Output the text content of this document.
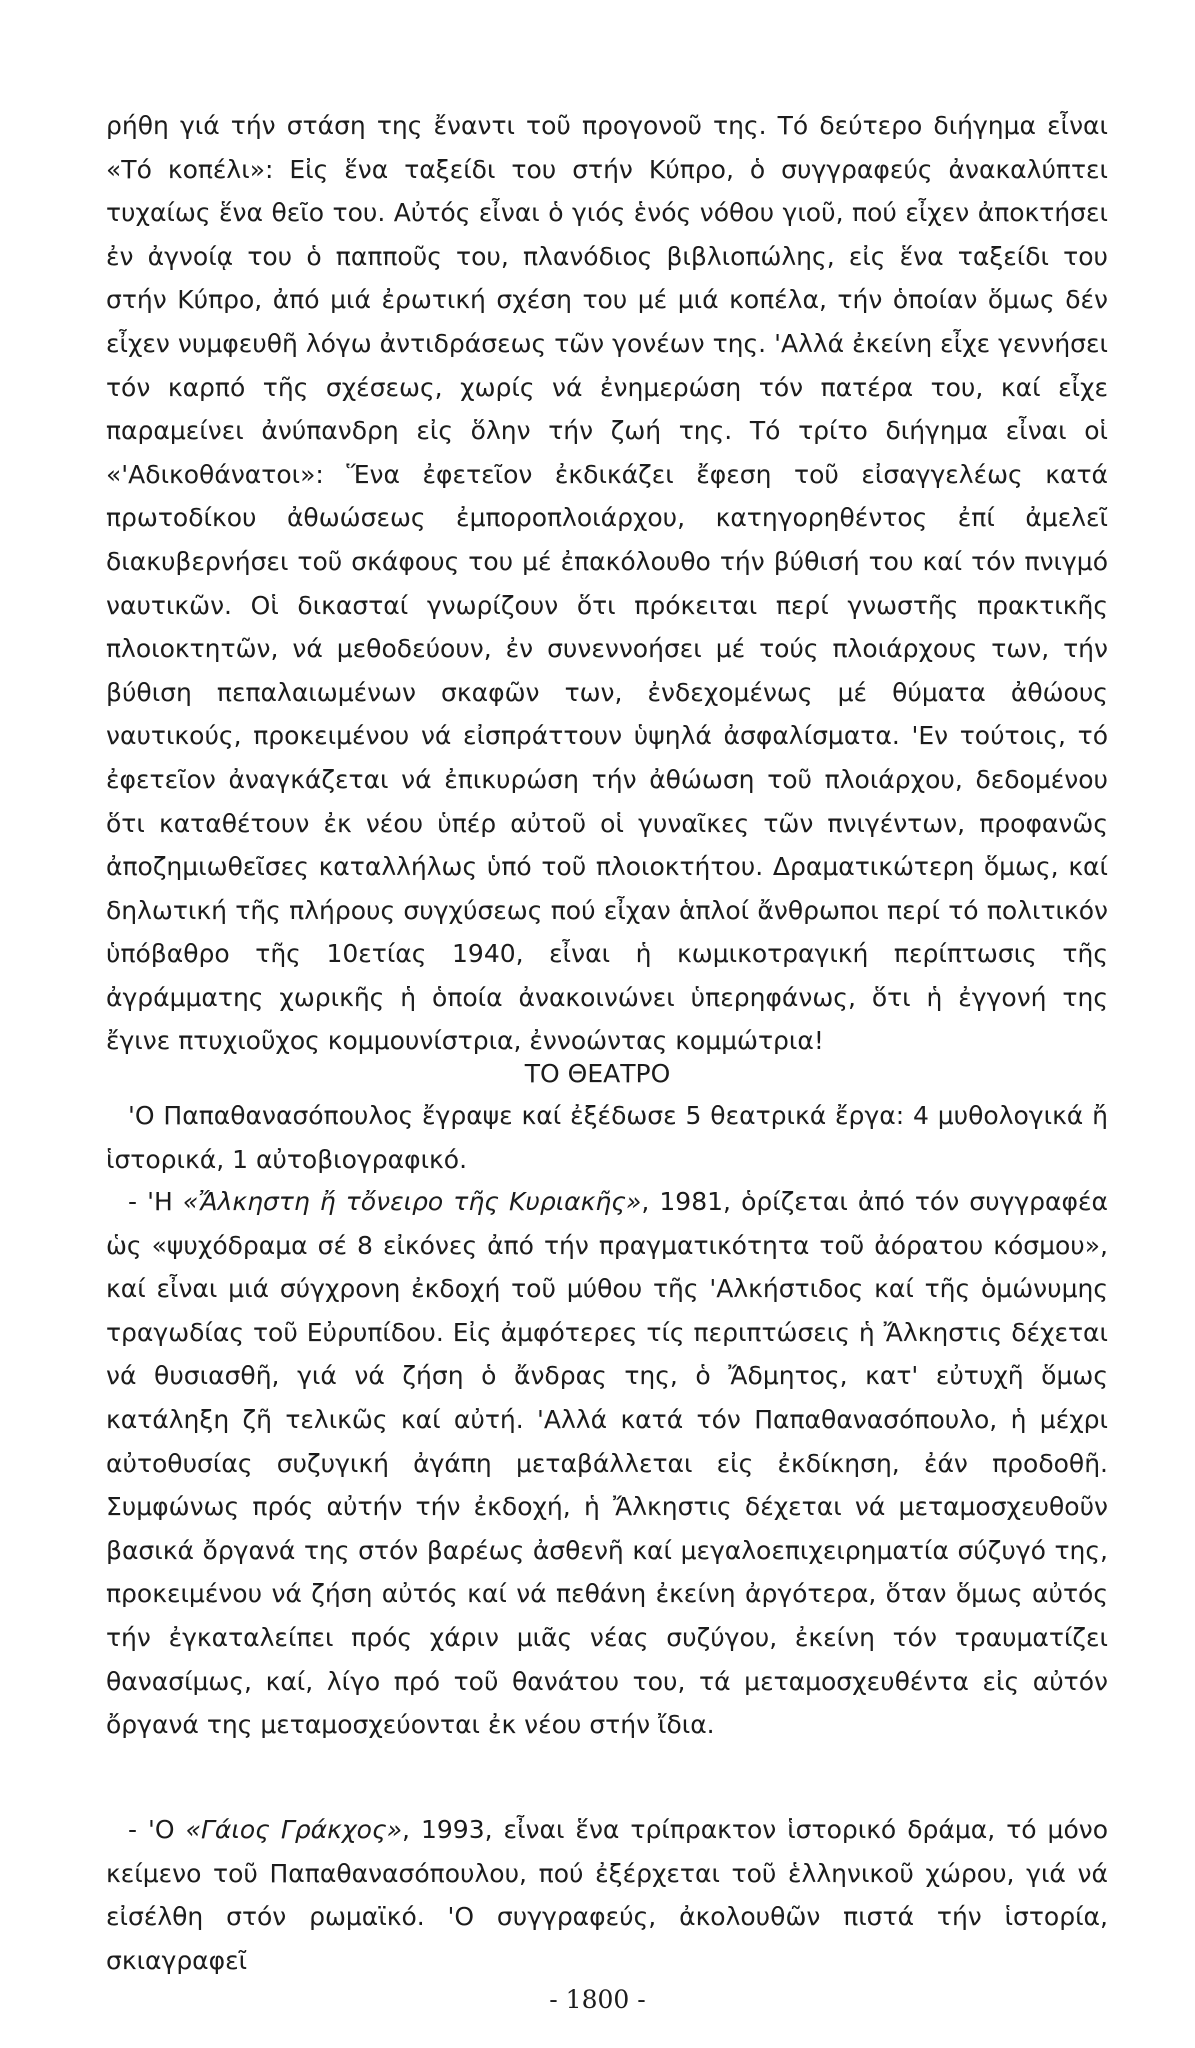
ρήθη γιά τήν στάση της ἔναντι τοῦ προγονοῦ της. Τό δεύτερο διήγημα εἶναι «Τό κοπέλι»: Εἰς ἕνα ταξείδι του στήν Κύπρο, ὁ συγγραφεύς ἀνακαλύπτει τυχαίως ἕνα θεῖο του. Αὐτός εἶναι ὁ γιός ἑνός νόθου γιοῦ, πού εἶχεν ἀποκτήσει ἐν ἀγνοίᾳ του ὁ παπποῦς του, πλανόδιος βιβλιοπώλης, εἰς ἕνα ταξείδι του στήν Κύπρο, ἀπό μιά ἐρωτική σχέση του μέ μιά κοπέλα, τήν ὁποίαν ὅμως δέν εἶχεν νυμφευθῆ λόγω ἀντιδράσεως τῶν γονέων της. 'Αλλά ἐκείνη εἶχε γεννήσει τόν καρπό τῆς σχέσεως, χωρίς νά ἐνημερώση τόν πατέρα του, καί εἶχε παραμείνει ἀνύπανδρη εἰς ὅλην τήν ζωή της. Τό τρίτο διήγημα εἶναι οἱ «'Αδικοθάνατοι»: Ἕνα ἐφετεῖον ἐκδικάζει ἔφεση τοῦ εἰσαγγελέως κατά πρωτοδίκου ἀθωώσεως ἐμποροπλοιάρχου, κατηγορηθέντος ἐπί ἀμελεῖ διακυβερνήσει τοῦ σκάφους του μέ ἐπακόλουθο τήν βύθισή του καί τόν πνιγμό ναυτικῶν. Οἱ δικασταί γνωρίζουν ὅτι πρόκειται περί γνωστῆς πρακτικῆς πλοιοκτητῶν, νά μεθοδεύουν, ἐν συνεννοήσει μέ τούς πλοιάρχους των, τήν βύθιση πεπαλαιωμένων σκαφῶν των, ἐνδεχομένως μέ θύματα ἀθώους ναυτικούς, προκειμένου νά εἰσπράττουν ὑψηλά ἀσφαλίσματα. 'Εν τούτοις, τό ἐφετεῖον ἀναγκάζεται νά ἐπικυρώση τήν ἀθώωση τοῦ πλοιάρχου, δεδομένου ὅτι καταθέτουν ἐκ νέου ὑπέρ αὐτοῦ οἱ γυναῖκες τῶν πνιγέντων, προφανῶς ἀποζημιωθεῖσες καταλλήλως ὑπό τοῦ πλοιοκτήτου. Δραματικώτερη ὅμως, καί δηλωτική τῆς πλήρους συγχύσεως πού εἶχαν ἁπλοί ἄνθρωποι περί τό πολιτικόν ὑπόβαθρο τῆς 10ετίας 1940, εἶναι ἡ κωμικοτραγική περίπτωσις τῆς ἀγράμματης χωρικῆς ἡ ὁποία ἀνακοινώνει ὑπερηφάνως, ὅτι ἡ ἐγγονή της ἔγινε πτυχιοῦχος κομμουνίστρια, ἐννοώντας κομμώτρια!

ΤΟ ΘΕΑΤΡΟ

'Ο Παπαθανασόπουλος ἔγραψε καί ἐξέδωσε 5 θεατρικά ἔργα: 4 μυθολογικά ἤ ἱστορικά, 1 αὐτοβιογραφικό.

- 'Η «Ἄλκηστη ἤ τὄνειρο τῆς Κυριακῆς», 1981, ὁρίζεται ἀπό τόν συγγραφέα ὡς «ψυχόδραμα σέ 8 εἰκόνες ἀπό τήν πραγματικότητα τοῦ ἀόρατου κόσμου», καί εἶναι μιά σύγχρονη ἐκδοχή τοῦ μύθου τῆς 'Αλκήστιδος καί τῆς ὁμώνυμης τραγωδίας τοῦ Εὐρυπίδου. Εἰς ἀμφότερες τίς περιπτώσεις ἡ Ἄλκηστις δέχεται νά θυσιασθῆ, γιά νά ζήση ὁ ἄνδρας της, ὁ Ἄδμητος, κατ' εὐτυχῆ ὅμως κατάληξη ζῆ τελικῶς καί αὐτή. 'Αλλά κατά τόν Παπαθανασόπουλο, ἡ μέχρι αὐτοθυσίας συζυγική ἀγάπη μεταβάλλεται εἰς ἐκδίκηση, ἐάν προδοθῆ. Συμφώνως πρός αὐτήν τήν ἐκδοχή, ἡ Ἄλκηστις δέχεται νά μεταμοσχευθοῦν βασικά ὄργανά της στόν βαρέως ἀσθενῆ καί μεγαλοεπιχειρηματία σύζυγό της, προκειμένου νά ζήση αὐτός καί νά πεθάνη ἐκείνη ἀργότερα, ὅταν ὅμως αὐτός τήν ἐγκαταλείπει πρός χάριν μιᾶς νέας συζύγου, ἐκείνη τόν τραυματίζει θανασίμως, καί, λίγο πρό τοῦ θανάτου του, τά μεταμοσχευθέντα εἰς αὐτόν ὄργανά της μεταμοσχεύονται ἐκ νέου στήν ἴδια.

- 'Ο «Γάιος Γράκχος», 1993, εἶναι ἕνα τρίπρακτον ἱστορικό δράμα, τό μόνο κείμενο τοῦ Παπαθανασόπουλου, πού ἐξέρχεται τοῦ ἑλληνικοῦ χώρου, γιά νά εἰσέλθη στόν ρωμαϊκό. 'Ο συγγραφεύς, ἀκολουθῶν πιστά τήν ἱστορία, σκιαγραφεῖ

- 1800 -
